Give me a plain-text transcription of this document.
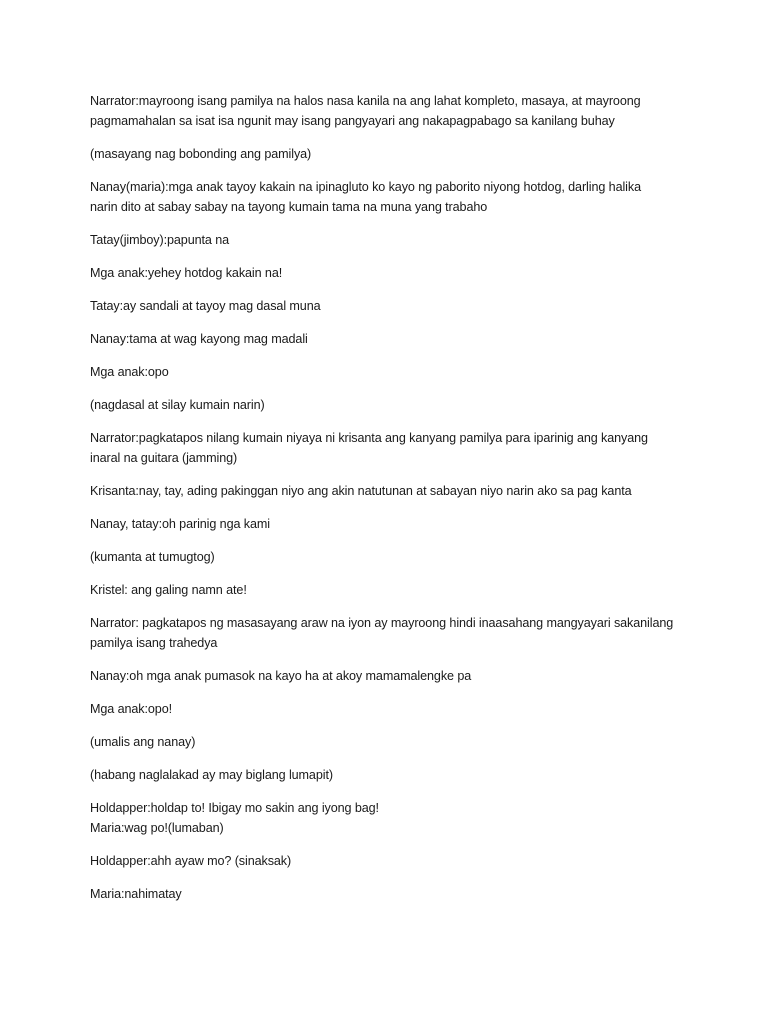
Narrator:mayroong isang pamilya na halos nasa kanila na ang lahat kompleto, masaya, at mayroong
pagmamahalan sa isat isa ngunit may isang pangyayari ang nakapagpabago sa kanilang buhay

(masayang nag bobonding ang pamilya)

Nanay(maria):mga anak tayoy kakain na ipinagluto ko kayo ng paborito niyong hotdog, darling halika
narin dito at sabay sabay na tayong kumain tama na muna yang trabaho

Tatay(jimboy):papunta na

Mga anak:yehey hotdog kakain na!

Tatay:ay sandali at tayoy mag dasal muna

Nanay:tama at wag kayong mag madali

Mga anak:opo

(nagdasal at silay kumain narin)

Narrator:pagkatapos nilang kumain niyaya ni krisanta ang kanyang pamilya para iparinig ang kanyang
inaral na guitara (jamming)

Krisanta:nay, tay, ading pakinggan niyo ang akin natutunan at sabayan niyo narin ako sa pag kanta

Nanay, tatay:oh parinig nga kami

(kumanta at tumugtog)

Kristel: ang galing namn ate!

Narrator: pagkatapos ng masasayang araw na iyon ay mayroong hindi inaasahang mangyayari sakanilang
pamilya isang trahedya

Nanay:oh mga anak pumasok na kayo ha at akoy mamamalengke pa

Mga anak:opo!

(umalis ang nanay)

(habang naglalakad ay may biglang lumapit)

Holdapper:holdap to! Ibigay mo sakin ang iyong bag!
Maria:wag po!(lumaban)

Holdapper:ahh ayaw mo? (sinaksak)

Maria:nahimatay
